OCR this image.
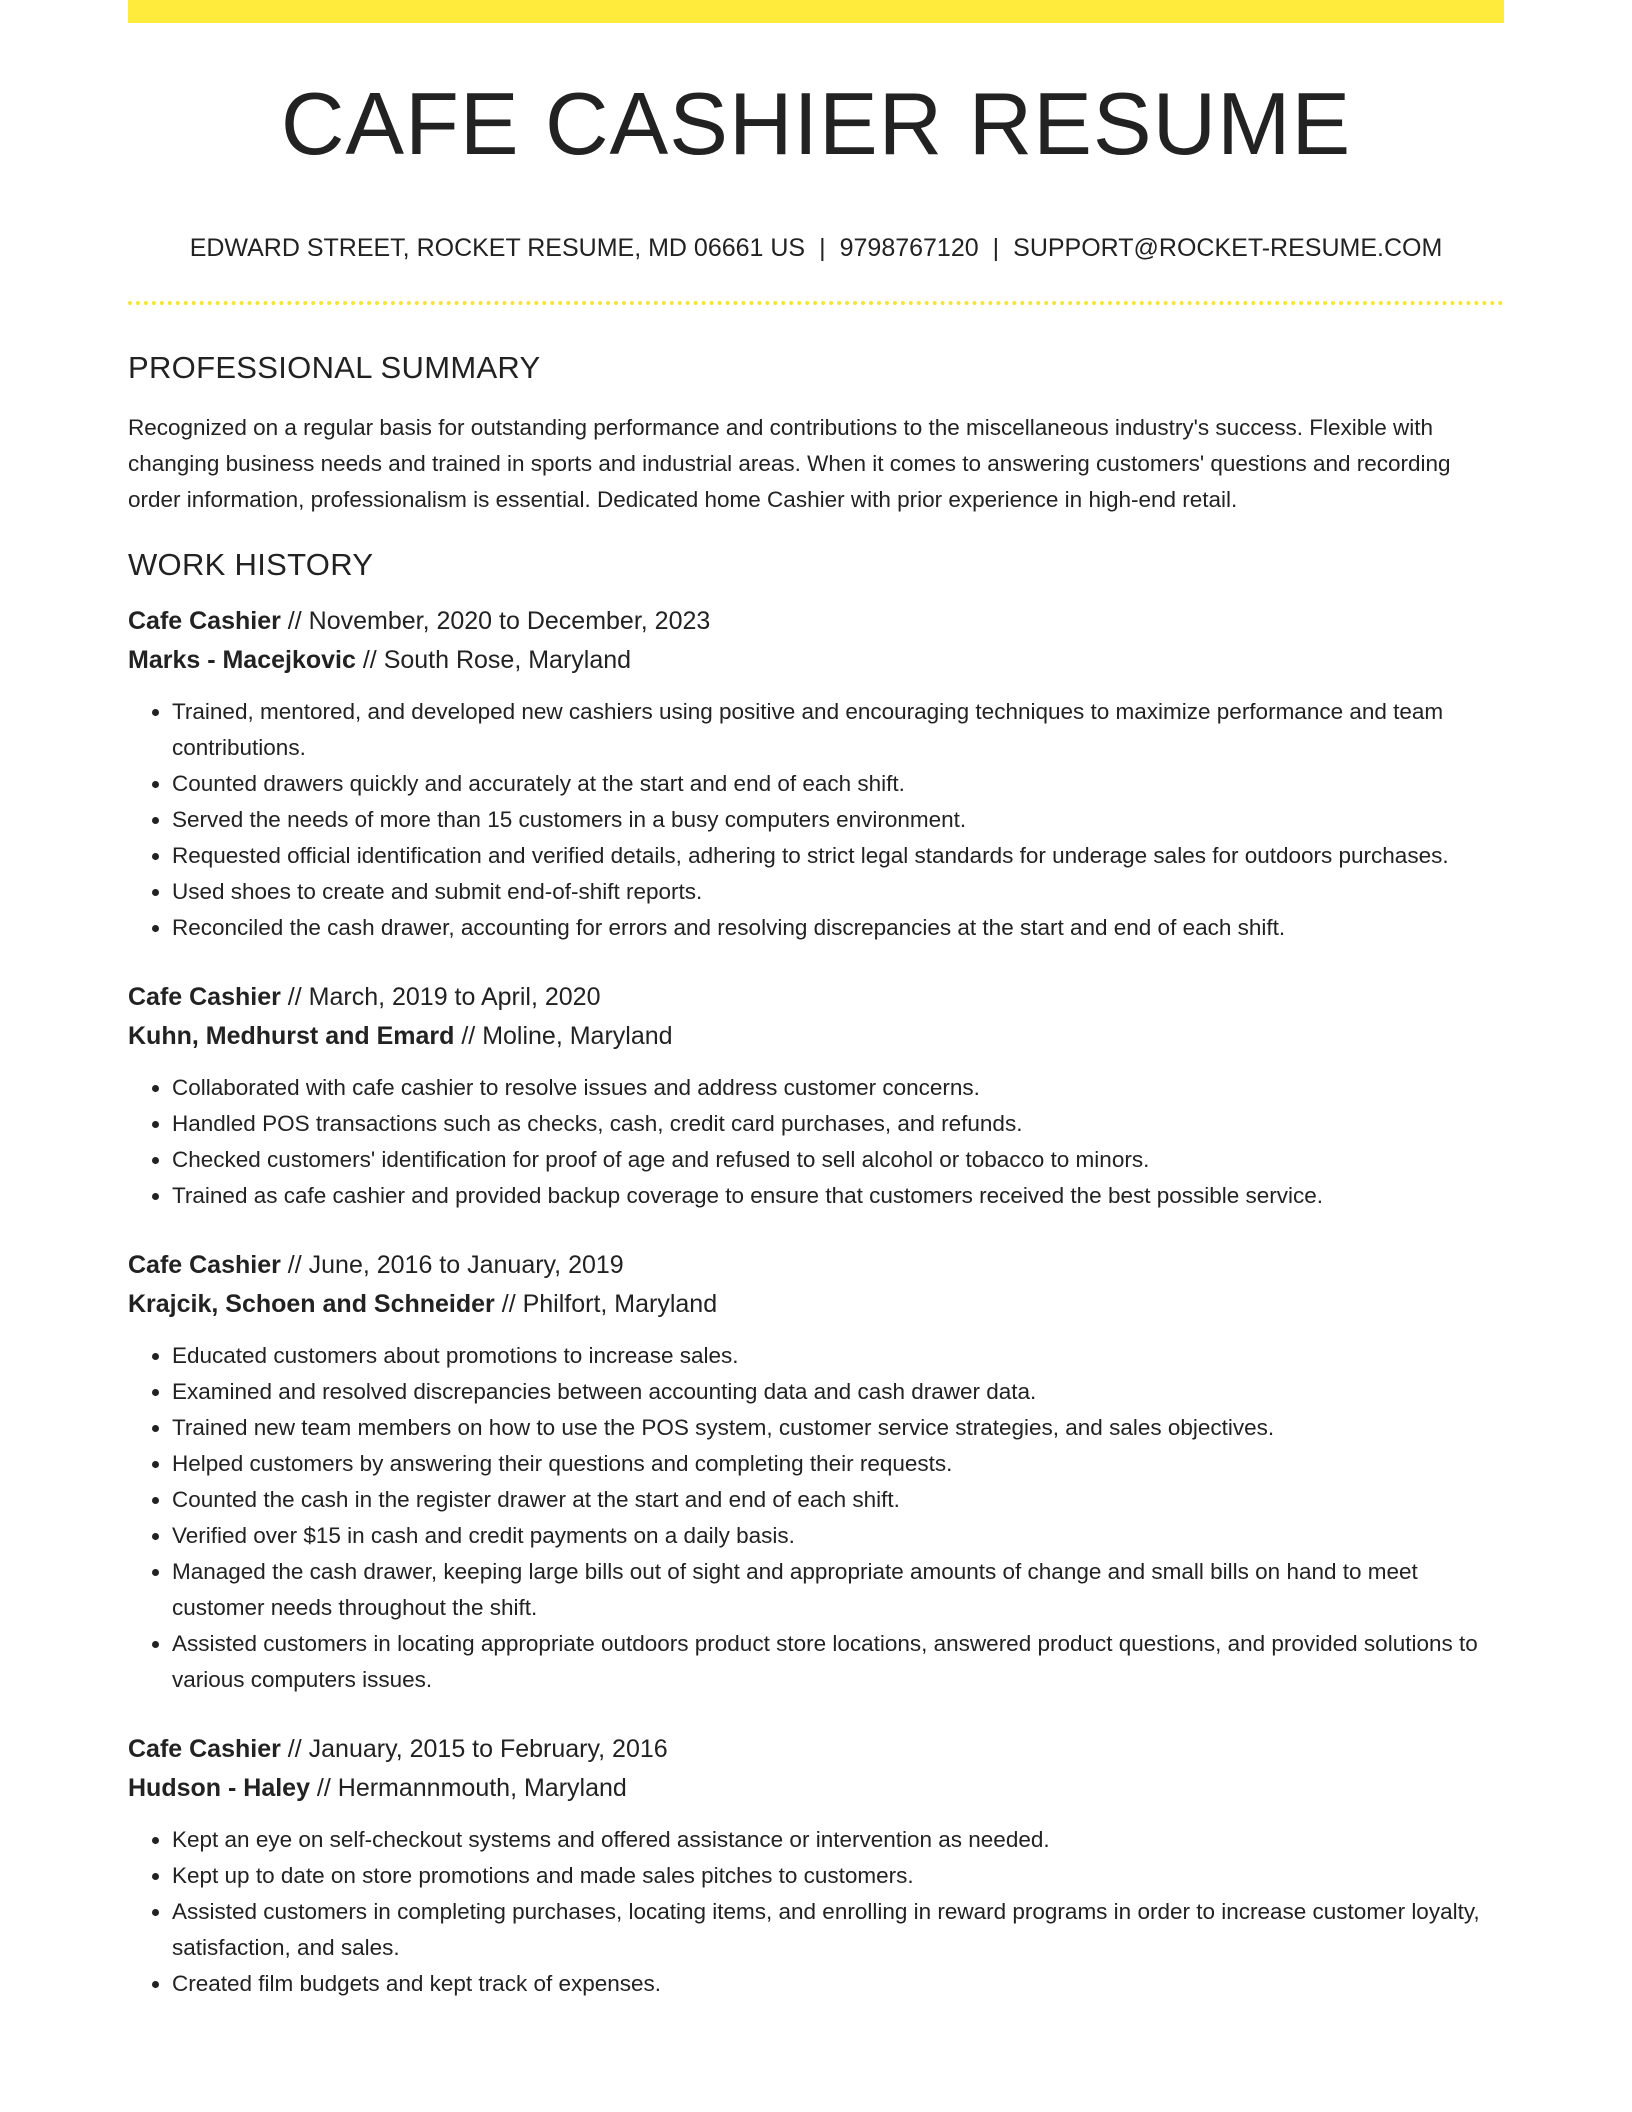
CAFE CASHIER RESUME
EDWARD STREET, ROCKET RESUME, MD 06661 US | 9798767120 | SUPPORT@ROCKET-RESUME.COM
PROFESSIONAL SUMMARY

Recognized on a regular basis for outstanding performance and contributions to the miscellaneous industry's success. Flexible with changing business needs and trained in sports and industrial areas. When it comes to answering customers' questions and recording order information, professionalism is essential. Dedicated home Cashier with prior experience in high-end retail.

WORK HISTORY
Cafe Cashier // November, 2020 to December, 2023
Marks - Macejkovic // South Rose, Maryland
• Trained, mentored, and developed new cashiers using positive and encouraging techniques to maximize performance and team contributions.
• Counted drawers quickly and accurately at the start and end of each shift.
• Served the needs of more than 15 customers in a busy computers environment.
• Requested official identification and verified details, adhering to strict legal standards for underage sales for outdoors purchases.
• Used shoes to create and submit end-of-shift reports.
• Reconciled the cash drawer, accounting for errors and resolving discrepancies at the start and end of each shift.
Cafe Cashier // March, 2019 to April, 2020
Kuhn, Medhurst and Emard // Moline, Maryland
• Collaborated with cafe cashier to resolve issues and address customer concerns.
• Handled POS transactions such as checks, cash, credit card purchases, and refunds.
• Checked customers' identification for proof of age and refused to sell alcohol or tobacco to minors.
• Trained as cafe cashier and provided backup coverage to ensure that customers received the best possible service.
Cafe Cashier // June, 2016 to January, 2019
Krajcik, Schoen and Schneider // Philfort, Maryland
• Educated customers about promotions to increase sales.
• Examined and resolved discrepancies between accounting data and cash drawer data.
• Trained new team members on how to use the POS system, customer service strategies, and sales objectives.
• Helped customers by answering their questions and completing their requests.
• Counted the cash in the register drawer at the start and end of each shift.
• Verified over $15 in cash and credit payments on a daily basis.
• Managed the cash drawer, keeping large bills out of sight and appropriate amounts of change and small bills on hand to meet customer needs throughout the shift.
• Assisted customers in locating appropriate outdoors product store locations, answered product questions, and provided solutions to various computers issues.
Cafe Cashier // January, 2015 to February, 2016
Hudson - Haley // Hermannmouth, Maryland
• Kept an eye on self-checkout systems and offered assistance or intervention as needed.
• Kept up to date on store promotions and made sales pitches to customers.
• Assisted customers in completing purchases, locating items, and enrolling in reward programs in order to increase customer loyalty, satisfaction, and sales.
• Created film budgets and kept track of expenses.
